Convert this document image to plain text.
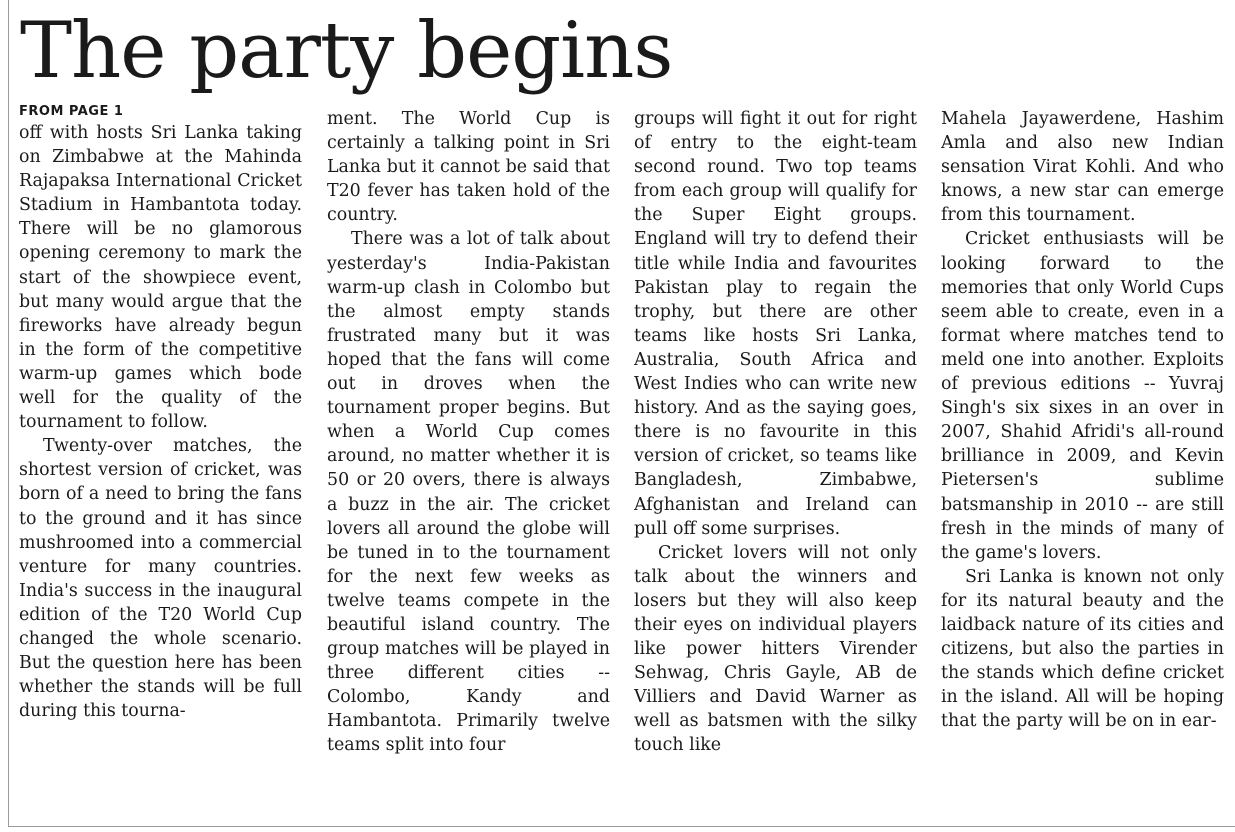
The party begins
FROM PAGE 1

off with hosts Sri Lanka taking on Zimbabwe at the Mahinda Rajapaksa International Cricket Stadium in Hambantota today. There will be no glamorous opening ceremony to mark the start of the showpiece event, but many would argue that the fireworks have already begun in the form of the competitive warm-up games which bode well for the quality of the tournament to follow.

Twenty-over matches, the shortest version of cricket, was born of a need to bring the fans to the ground and it has since mushroomed into a commercial venture for many countries. India's success in the inaugural edition of the T20 World Cup changed the whole scenario. But the question here has been whether the stands will be full during this tourna-

ment. The World Cup is certainly a talking point in Sri Lanka but it cannot be said that T20 fever has taken hold of the country.

There was a lot of talk about yesterday's India-Pakistan warm-up clash in Colombo but the almost empty stands frustrated many but it was hoped that the fans will come out in droves when the tournament proper begins. But when a World Cup comes around, no matter whether it is 50 or 20 overs, there is always a buzz in the air. The cricket lovers all around the globe will be tuned in to the tournament for the next few weeks as twelve teams compete in the beautiful island country. The group matches will be played in three different cities -- Colombo, Kandy and Hambantota. Primarily twelve teams split into four

groups will fight it out for right of entry to the eight-team second round. Two top teams from each group will qualify for the Super Eight groups. England will try to defend their title while India and favourites Pakistan play to regain the trophy, but there are other teams like hosts Sri Lanka, Australia, South Africa and West Indies who can write new history. And as the saying goes, there is no favourite in this version of cricket, so teams like Bangladesh, Zimbabwe, Afghanistan and Ireland can pull off some surprises.

Cricket lovers will not only talk about the winners and losers but they will also keep their eyes on individual players like power hitters Virender Sehwag, Chris Gayle, AB de Villiers and David Warner as well as batsmen with the silky touch like

Mahela Jayawerdene, Hashim Amla and also new Indian sensation Virat Kohli. And who knows, a new star can emerge from this tournament.

Cricket enthusiasts will be looking forward to the memories that only World Cups seem able to create, even in a format where matches tend to meld one into another. Exploits of previous editions -- Yuvraj Singh's six sixes in an over in 2007, Shahid Afridi's all-round brilliance in 2009, and Kevin Pietersen's sublime batsmanship in 2010 -- are still fresh in the minds of many of the game's lovers.

Sri Lanka is known not only for its natural beauty and the laidback nature of its cities and citizens, but also the parties in the stands which define cricket in the island. All will be hoping that the party will be on in ear-
